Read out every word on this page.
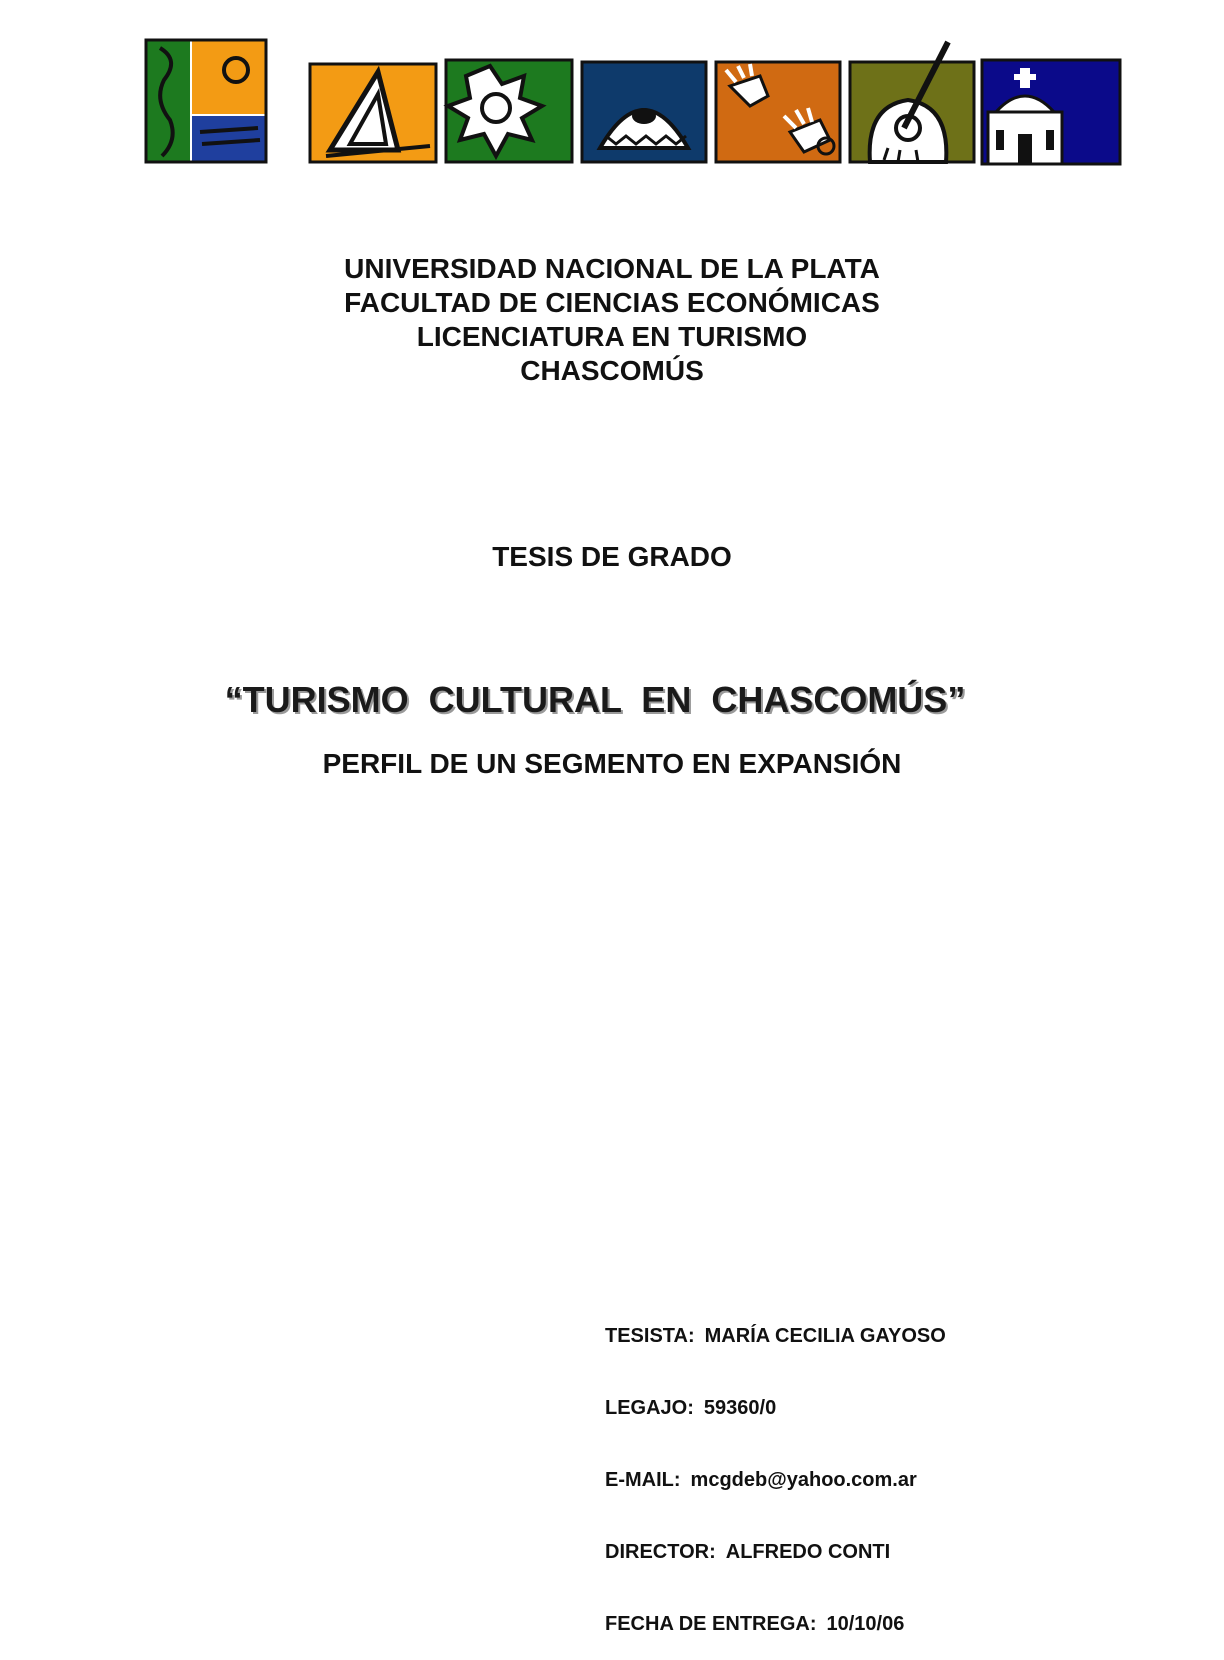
UNIVERSIDAD NACIONAL DE LA PLATA
FACULTAD DE CIENCIAS ECONÓMICAS
LICENCIATURA EN TURISMO
CHASCOMÚS
TESIS DE GRADO
“TURISMO CULTURAL EN CHASCOMÚS”
PERFIL DE UN SEGMENTO EN EXPANSIÓN

TESISTA: MARÍA CECILIA GAYOSO

LEGAJO: 59360/0

E-MAIL: mcgdeb@yahoo.com.ar

DIRECTOR: ALFREDO CONTI

FECHA DE ENTREGA: 10/10/06
